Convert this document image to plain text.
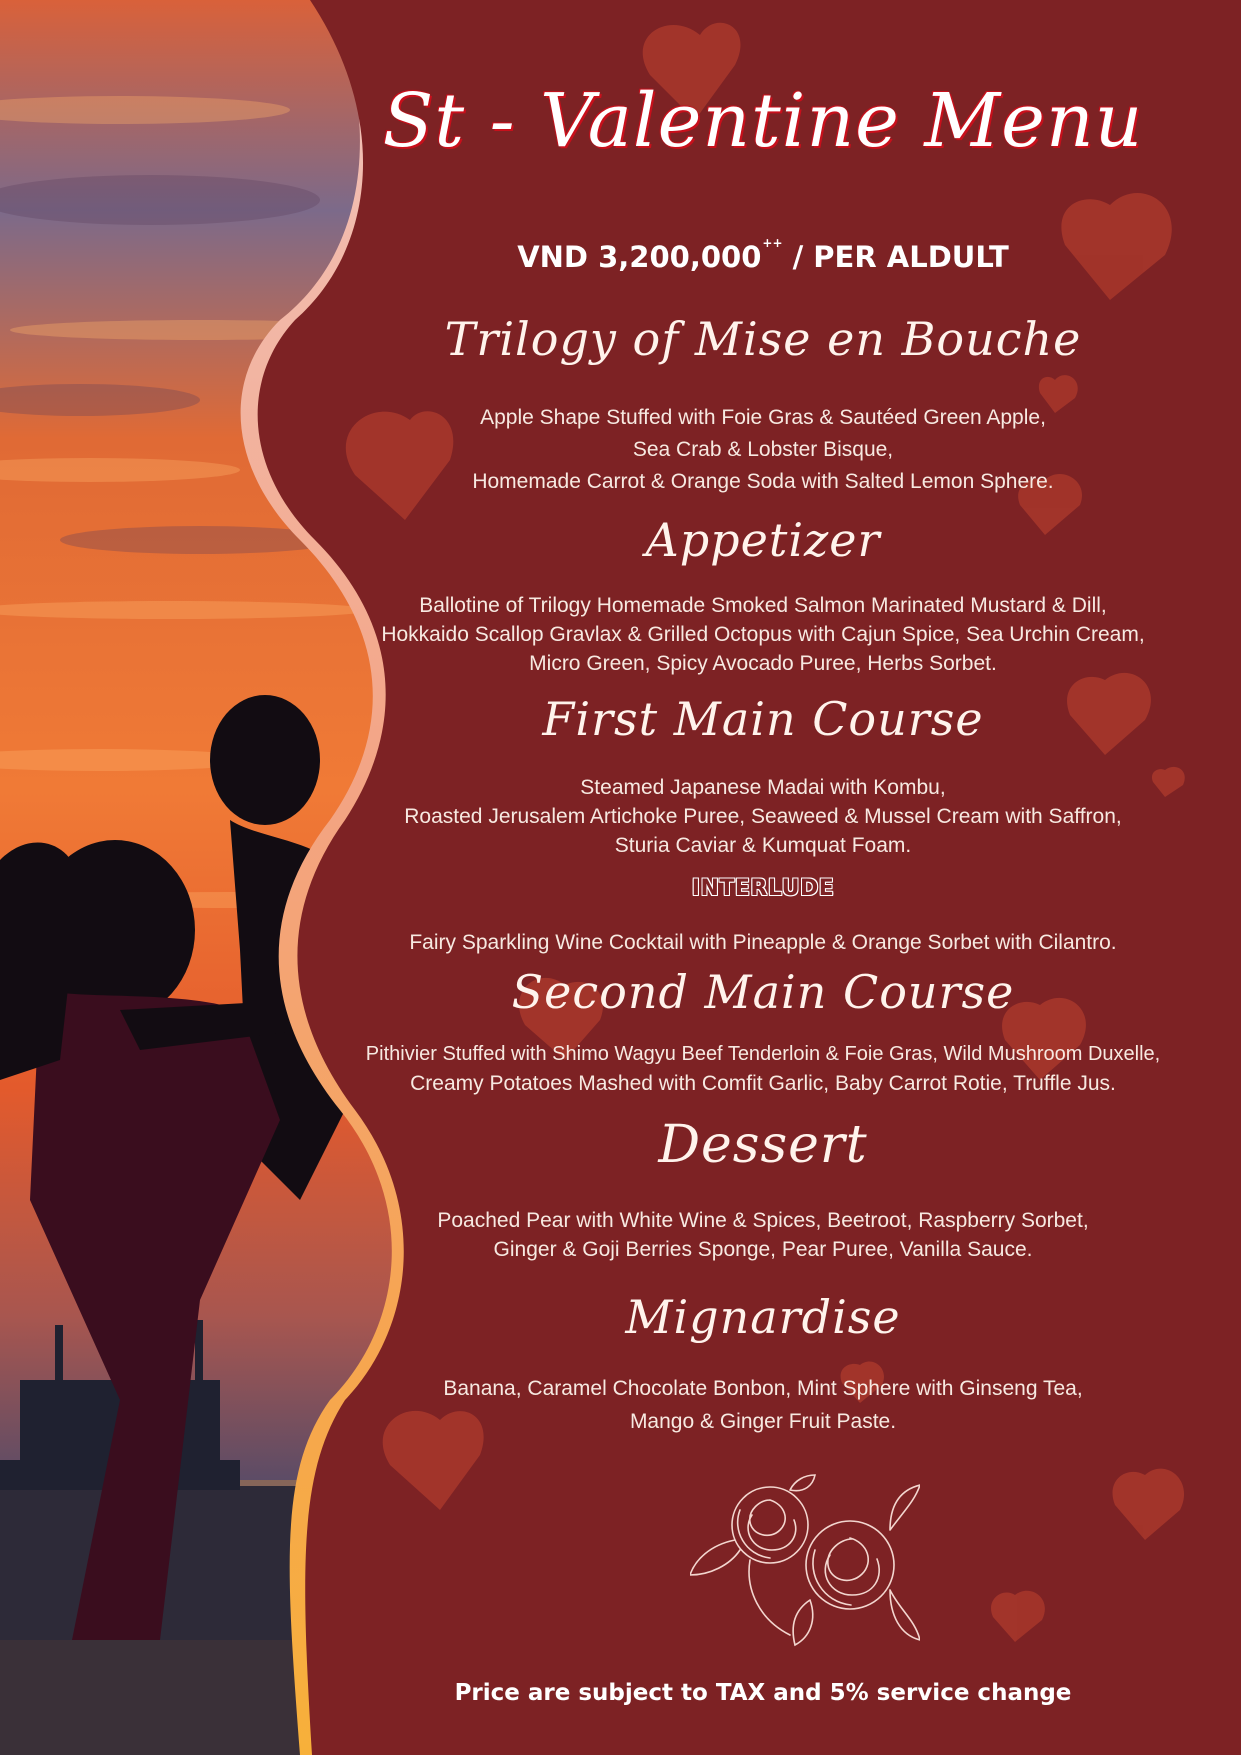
St - Valentine Menu
VND 3,200,000++ / PER ALDULT
Trilogy of Mise en Bouche
Apple Shape Stuffed with Foie Gras & Sautéed Green Apple,
Sea Crab & Lobster Bisque,
Homemade Carrot & Orange Soda with Salted Lemon Sphere.
Appetizer
Ballotine of Trilogy Homemade Smoked Salmon Marinated Mustard & Dill,
Hokkaido Scallop Gravlax & Grilled Octopus with Cajun Spice, Sea Urchin Cream,
Micro Green, Spicy Avocado Puree, Herbs Sorbet.
First Main Course
Steamed Japanese Madai with Kombu,
Roasted Jerusalem Artichoke Puree, Seaweed & Mussel Cream with Saffron,
Sturia Caviar & Kumquat Foam.
INTERLUDE
Fairy Sparkling Wine Cocktail with Pineapple & Orange Sorbet with Cilantro.
Second Main Course
Pithivier Stuffed with Shimo Wagyu Beef Tenderloin & Foie Gras, Wild Mushroom Duxelle,
Creamy Potatoes Mashed with Comfit Garlic, Baby Carrot Rotie, Truffle Jus.
Dessert
Poached Pear with White Wine & Spices, Beetroot, Raspberry Sorbet,
Ginger & Goji Berries Sponge, Pear Puree, Vanilla Sauce.
Mignardise
Banana, Caramel Chocolate Bonbon, Mint Sphere with Ginseng Tea,
Mango & Ginger Fruit Paste.
Price are subject to TAX and 5% service change
